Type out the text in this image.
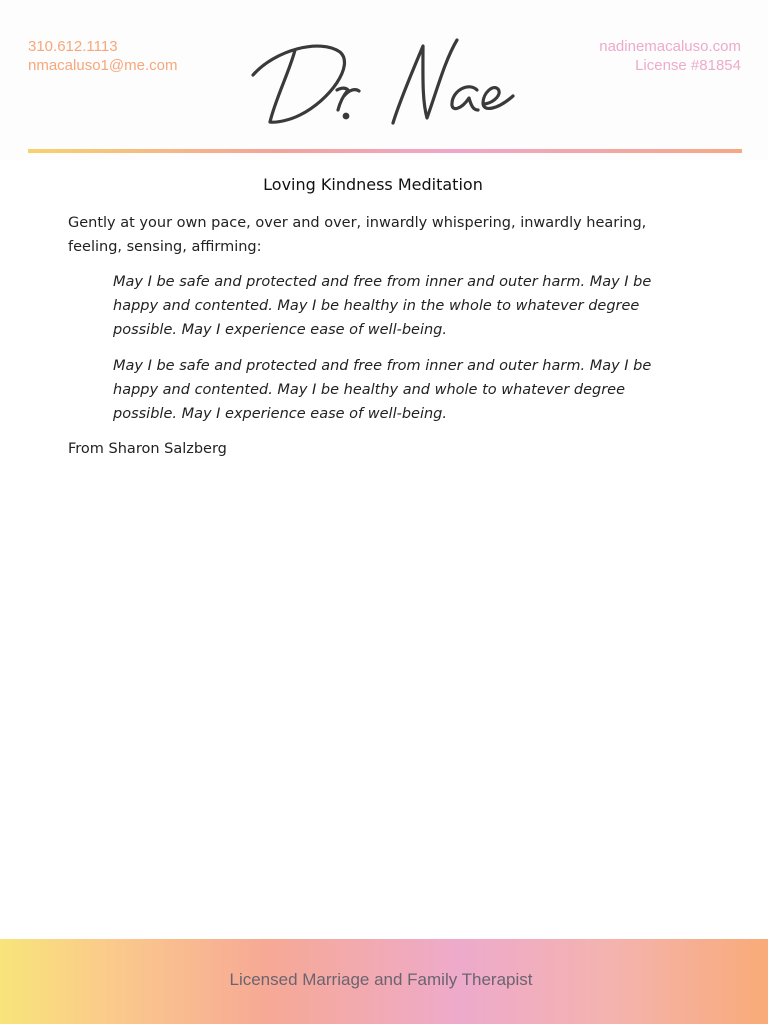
310.612.1113
nmacaluso1@me.com
nadinemacaluso.com
License #81854
Loving Kindness Meditation
Gently at your own pace, over and over, inwardly whispering, inwardly hearing, feeling, sensing, affirming:
May I be safe and protected and free from inner and outer harm. May I be happy and contented. May I be healthy in the whole to whatever degree possible. May I experience ease of well-being.
May I be safe and protected and free from inner and outer harm. May I be happy and contented. May I be healthy and whole to whatever degree possible. May I experience ease of well-being.
From Sharon Salzberg
Licensed Marriage and Family Therapist
